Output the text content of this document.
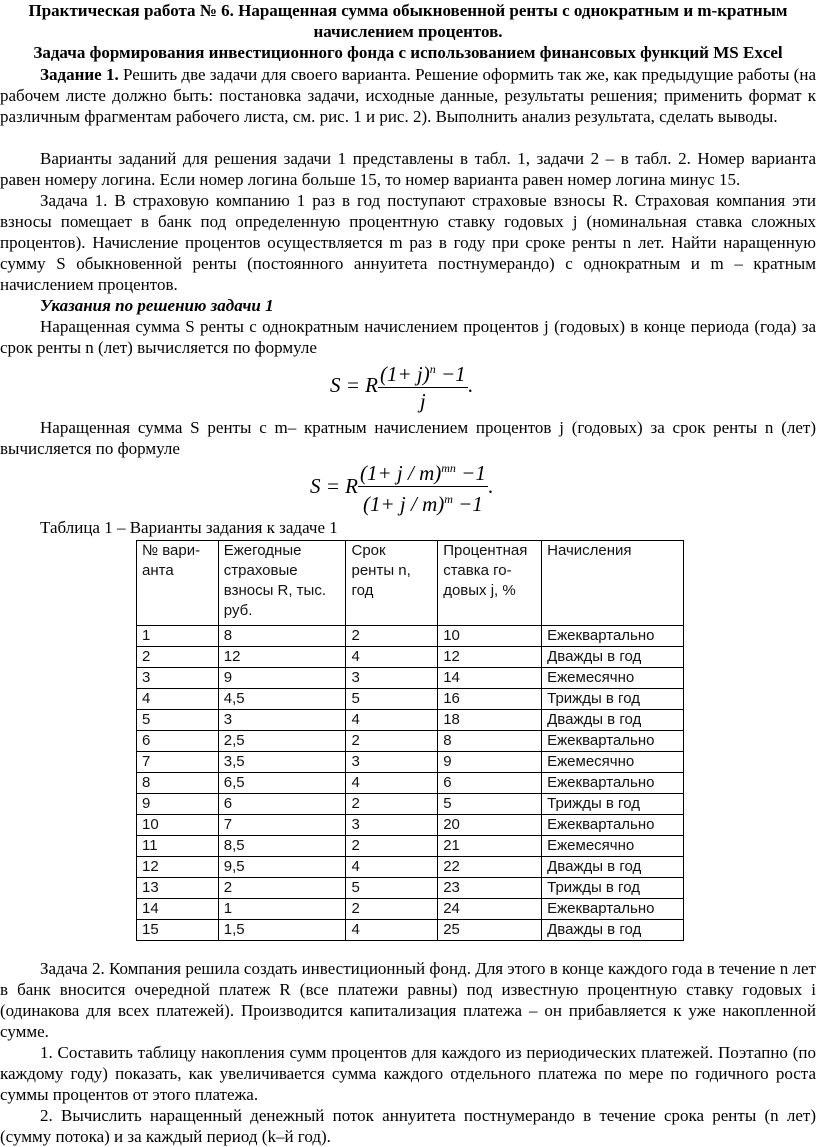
Практическая работа № 6. Наращенная сумма обыкновенной ренты с однократным и m-кратным
начислением процентов.
Задача формирования инвестиционного фонда с использованием финансовых функций MS Excel
Задание 1. Решить две задачи для своего варианта. Решение оформить так же, как предыдущие работы (на рабочем листе должно быть: постановка задачи, исходные данные, результаты решения; применить формат к различным фрагментам рабочего листа, см. рис. 1 и рис. 2). Выполнить анализ результата, сделать выводы.
Варианты заданий для решения задачи 1 представлены в табл. 1, задачи 2 – в табл. 2. Номер варианта равен номеру логина. Если номер логина больше 15, то номер варианта равен номер логина минус 15.
Задача 1. В страховую компанию 1 раз в год поступают страховые взносы R. Страховая компания эти взносы помещает в банк под определенную процентную ставку годовых j (номинальная ставка сложных процентов). Начисление процентов осуществляется m раз в году при сроке ренты n лет. Найти наращенную сумму S обыкновенной ренты (постоянного аннуитета постнумерандо) с однократным и m – кратным начислением процентов.
Указания по решению задачи 1
Наращенная сумма S ренты с однократным начислением процентов j (годовых) в конце периода (года) за срок ренты n (лет) вычисляется по формуле
S = R $\frac{(1+ j)^n -1}{j}$ .
Наращенная сумма S ренты с m– кратным начислением процентов j (годовых) за срок ренты n (лет) вычисляется по формуле
S = R $\frac{(1+ j / m)^{mn} -1}{(1+ j / m)^m -1}$ .
Таблица 1 – Варианты задания к задаче 1
№ вари-анта	Ежегодные страховые взносы R, тыс. руб.	Срок ренты n, год	Процентная ставка го-довых j, %	Начисления
1	8	2	10	Ежеквартально
2	12	4	12	Дважды в год
3	9	3	14	Ежемесячно
4	4,5	5	16	Трижды в год
5	3	4	18	Дважды в год
6	2,5	2	8	Ежеквартально
7	3,5	3	9	Ежемесячно
8	6,5	4	6	Ежеквартально
9	6	2	5	Трижды в год
10	7	3	20	Ежеквартально
11	8,5	2	21	Ежемесячно
12	9,5	4	22	Дважды в год
13	2	5	23	Трижды в год
14	1	2	24	Ежеквартально
15	1,5	4	25	Дважды в год
Задача 2. Компания решила создать инвестиционный фонд. Для этого в конце каждого года в течение n лет в банк вносится очередной платеж R (все платежи равны) под известную процентную ставку годовых i (одинакова для всех платежей). Производится капитализация платежа – он прибавляется к уже накопленной сумме.
1. Составить таблицу накопления сумм процентов для каждого из периодических платежей. Поэтапно (по каждому году) показать, как увеличивается сумма каждого отдельного платежа по мере по годичного роста суммы процентов от этого платежа.
2. Вычислить наращенный денежный поток аннуитета постнумерандо в течение срока ренты (n лет) (сумму потока) и за каждый период (k–й год).
